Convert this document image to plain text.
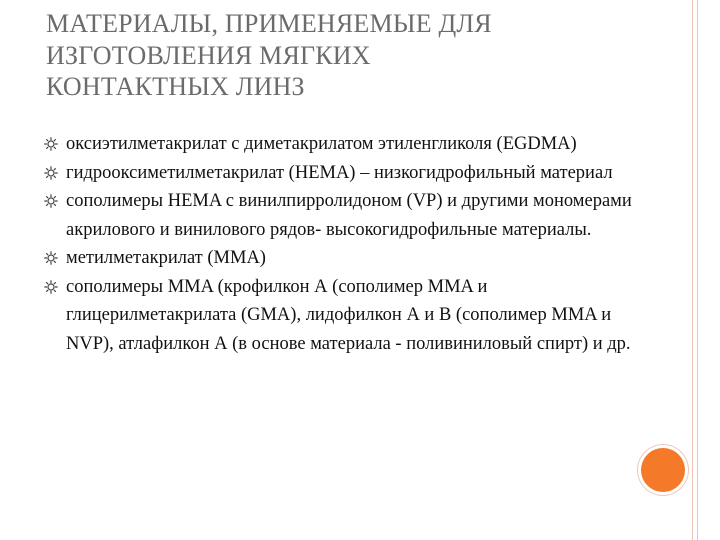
МАТЕРИАЛЫ, ПРИМЕНЯЕМЫЕ ДЛЯ
ИЗГОТОВЛЕНИЯ МЯГКИХ
КОНТАКТНЫХ ЛИНЗ
оксиэтилметакрилат с диметакрилатом этиленгликоля (EGDMA)
гидрооксиметилметакрилат (HEMA) – низкогидрофильный материал
сополимеры HEMA с винилпирролидоном (VP) и другими мономерами акрилового и винилового рядов- высокогидрофильные материалы.
метилметакрилат (MMA)
сополимеры MMA (крофилкон А (сополимер MMA и глицерилметакрилата (GMA), лидофилкон А и В (сополимер MMA и NVP), атлафилкон А (в основе материала - поливиниловый спирт) и др.
